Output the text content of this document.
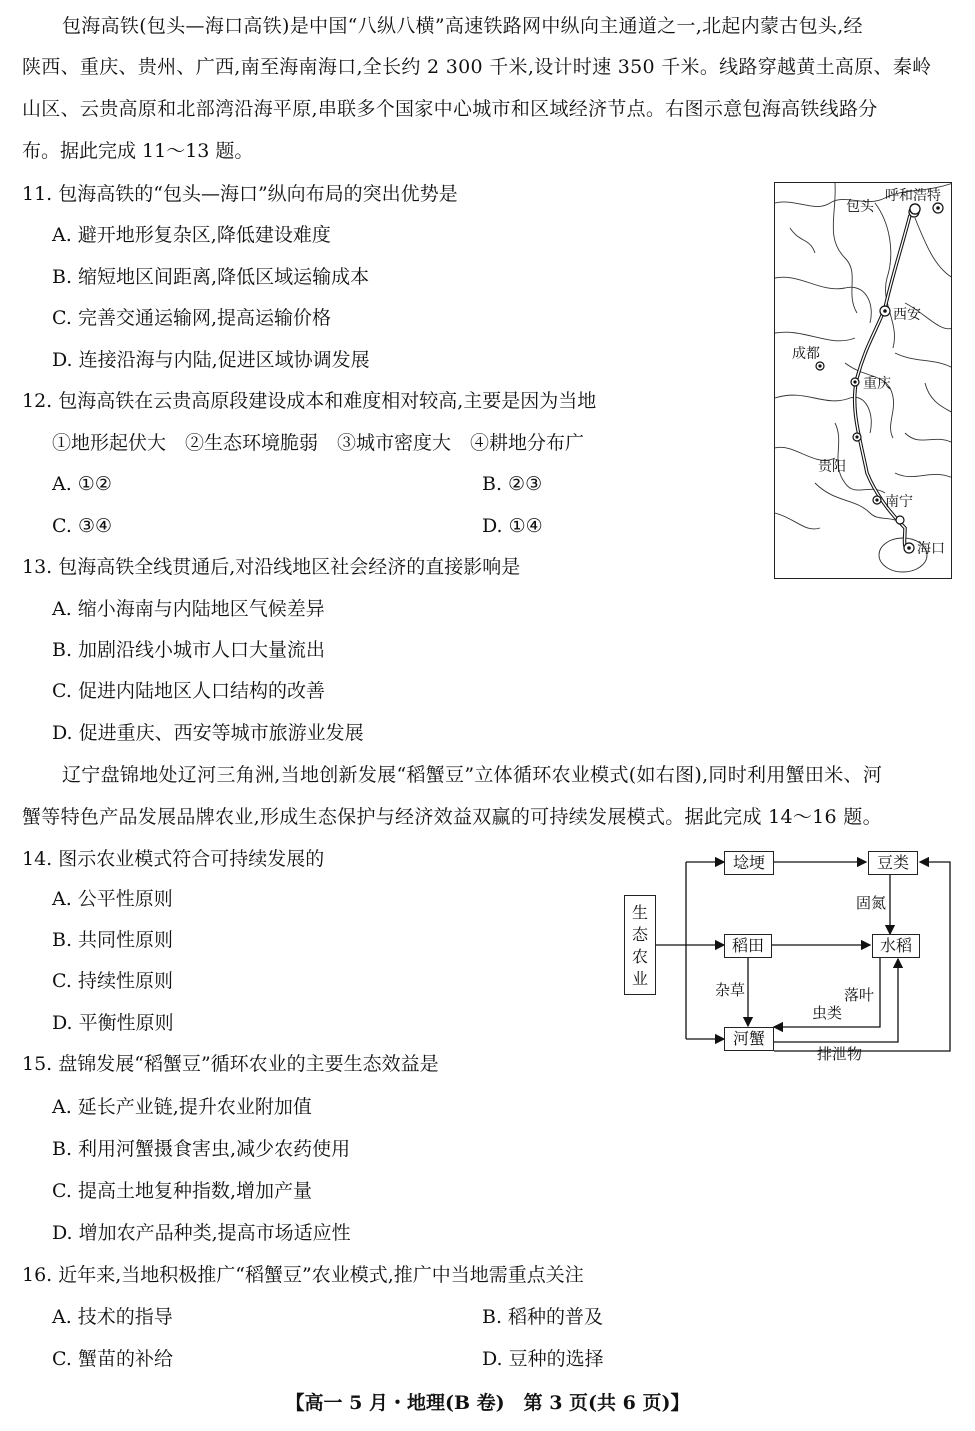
包海高铁(包头—海口高铁)是中国“八纵八横”高速铁路网中纵向主通道之一,北起内蒙古包头,经
陕西、重庆、贵州、广西,南至海南海口,全长约 2 300 千米,设计时速 350 千米。线路穿越黄土高原、秦岭
山区、云贵高原和北部湾沿海平原,串联多个国家中心城市和区域经济节点。右图示意包海高铁线路分
布。据此完成 11～13 题。
11. 包海高铁的“包头—海口”纵向布局的突出优势是
A. 避开地形复杂区,降低建设难度
B. 缩短地区间距离,降低区域运输成本
C. 完善交通运输网,提高运输价格
D. 连接沿海与内陆,促进区域协调发展
12. 包海高铁在云贵高原段建设成本和难度相对较高,主要是因为当地
①地形起伏大　②生态环境脆弱　③城市密度大　④耕地分布广
A. ①②	B. ②③
C. ③④	D. ①④
13. 包海高铁全线贯通后,对沿线地区社会经济的直接影响是
A. 缩小海南与内陆地区气候差异
B. 加剧沿线小城市人口大量流出
C. 促进内陆地区人口结构的改善
D. 促进重庆、西安等城市旅游业发展
辽宁盘锦地处辽河三角洲,当地创新发展“稻蟹豆”立体循环农业模式(如右图),同时利用蟹田米、河
蟹等特色产品发展品牌农业,形成生态保护与经济效益双赢的可持续发展模式。据此完成 14～16 题。
14. 图示农业模式符合可持续发展的
A. 公平性原则
B. 共同性原则
C. 持续性原则
D. 平衡性原则
15. 盘锦发展“稻蟹豆”循环农业的主要生态效益是
A. 延长产业链,提升农业附加值
B. 利用河蟹摄食害虫,减少农药使用
C. 提高土地复种指数,增加产量
D. 增加农产品种类,提高市场适应性
16. 近年来,当地积极推广“稻蟹豆”农业模式,推广中当地需重点关注
A. 技术的指导	B. 稻种的普及
C. 蟹苗的补给	D. 豆种的选择
包头
呼和浩特
西安
成都
重庆
贵阳
南宁
海口
生态农业
埝埂	豆类
稻田	水稻
河蟹
固氮
杂草	落叶
虫类
排泄物
【高一 5 月・地理(B 卷)　第 3 页(共 6 页)】
